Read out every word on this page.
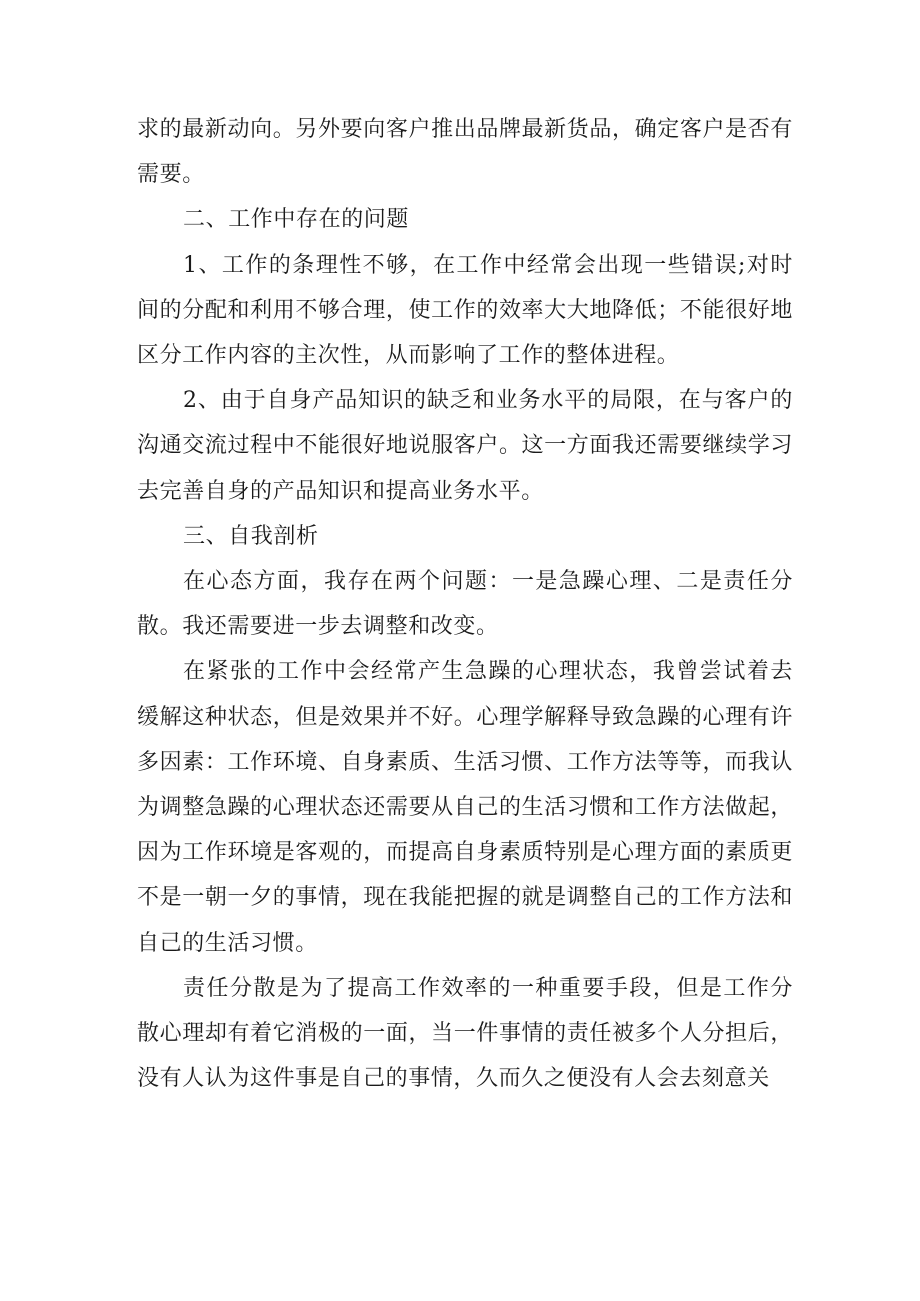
求的最新动向。另外要向客户推出品牌最新货品，确定客户是否有需要。

二、工作中存在的问题

1、工作的条理性不够，在工作中经常会出现一些错误;对时间的分配和利用不够合理，使工作的效率大大地降低；不能很好地区分工作内容的主次性，从而影响了工作的整体进程。

2、由于自身产品知识的缺乏和业务水平的局限，在与客户的沟通交流过程中不能很好地说服客户。这一方面我还需要继续学习去完善自身的产品知识和提高业务水平。

三、自我剖析

在心态方面，我存在两个问题：一是急躁心理、二是责任分散。我还需要进一步去调整和改变。

在紧张的工作中会经常产生急躁的心理状态，我曾尝试着去缓解这种状态，但是效果并不好。心理学解释导致急躁的心理有许多因素：工作环境、自身素质、生活习惯、工作方法等等，而我认为调整急躁的心理状态还需要从自己的生活习惯和工作方法做起，因为工作环境是客观的，而提高自身素质特别是心理方面的素质更不是一朝一夕的事情，现在我能把握的就是调整自己的工作方法和自己的生活习惯。

责任分散是为了提高工作效率的一种重要手段，但是工作分散心理却有着它消极的一面，当一件事情的责任被多个人分担后，没有人认为这件事是自己的事情，久而久之便没有人会去刻意关
